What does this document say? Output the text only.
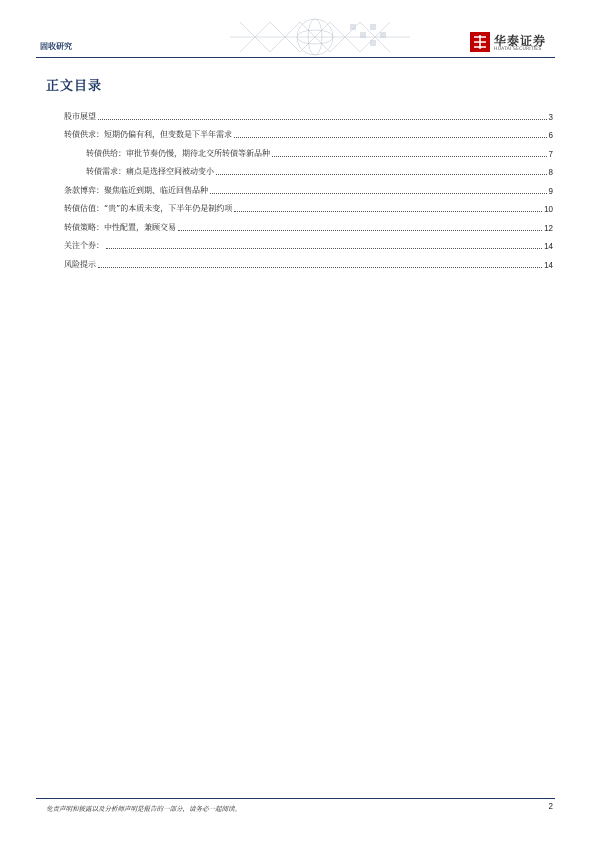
固收研究	华泰证券
HUATAI SECURITIES
正文目录
股市展望	3
转债供求：短期仍偏有利，但变数是下半年需求	6
转债供给：审批节奏仍慢，期待北交所转债等新品种	7
转债需求：痛点是选择空间被动变小	8
条款博弈：聚焦临近到期、临近回售品种	9
转债估值：“贵”的本质未变，下半年仍是制约项	10
转债策略：中性配置，兼顾交易	12
关注个券：	14
风险提示	14
免责声明和披露以及分析师声明是报告的一部分，请务必一起阅读。	2
